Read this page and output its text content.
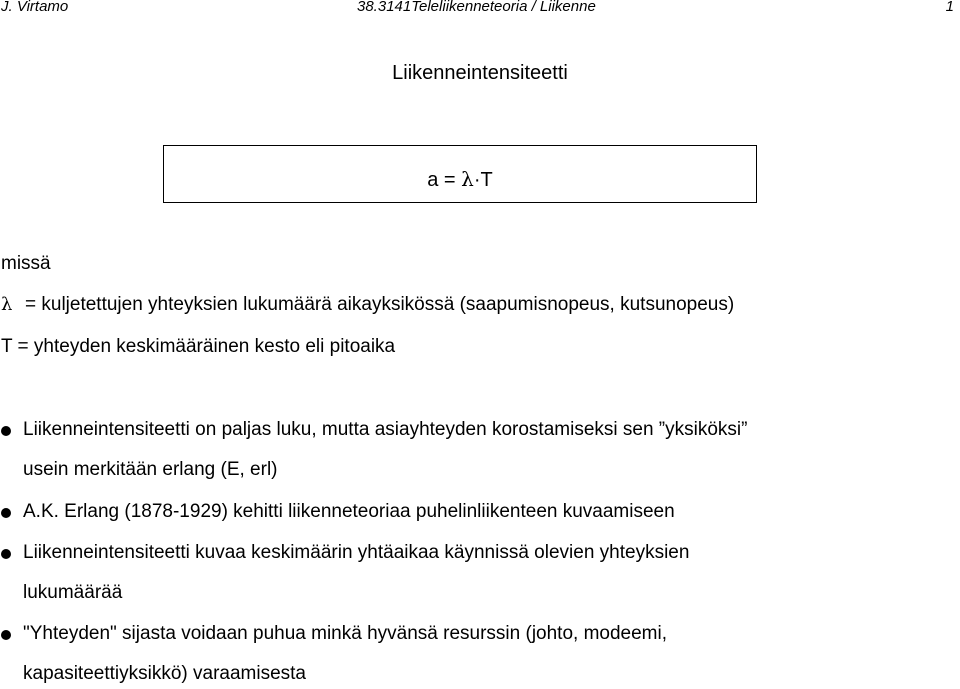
J. Virtamo	38.3141Teleliikenneteoria / Liikenne	1
Liikenneintensiteetti
a = λ·T
missä
λ = kuljetettujen yhteyksien lukumäärä aikayksikössä (saapumisnopeus, kutsunopeus)
T = yhteyden keskimääräinen kesto eli pitoaika
Liikenneintensiteetti on paljas luku, mutta asiayhteyden korostamiseksi sen ”yksiköksi”
usein merkitään erlang (E, erl)
A.K. Erlang (1878-1929) kehitti liikenneteoriaa puhelinliikenteen kuvaamiseen
Liikenneintensiteetti kuvaa keskimäärin yhtäaikaa käynnissä olevien yhteyksien
lukumäärää
"Yhteyden" sijasta voidaan puhua minkä hyvänsä resurssin (johto, modeemi,
kapasiteettiyksikkö) varaamisesta
